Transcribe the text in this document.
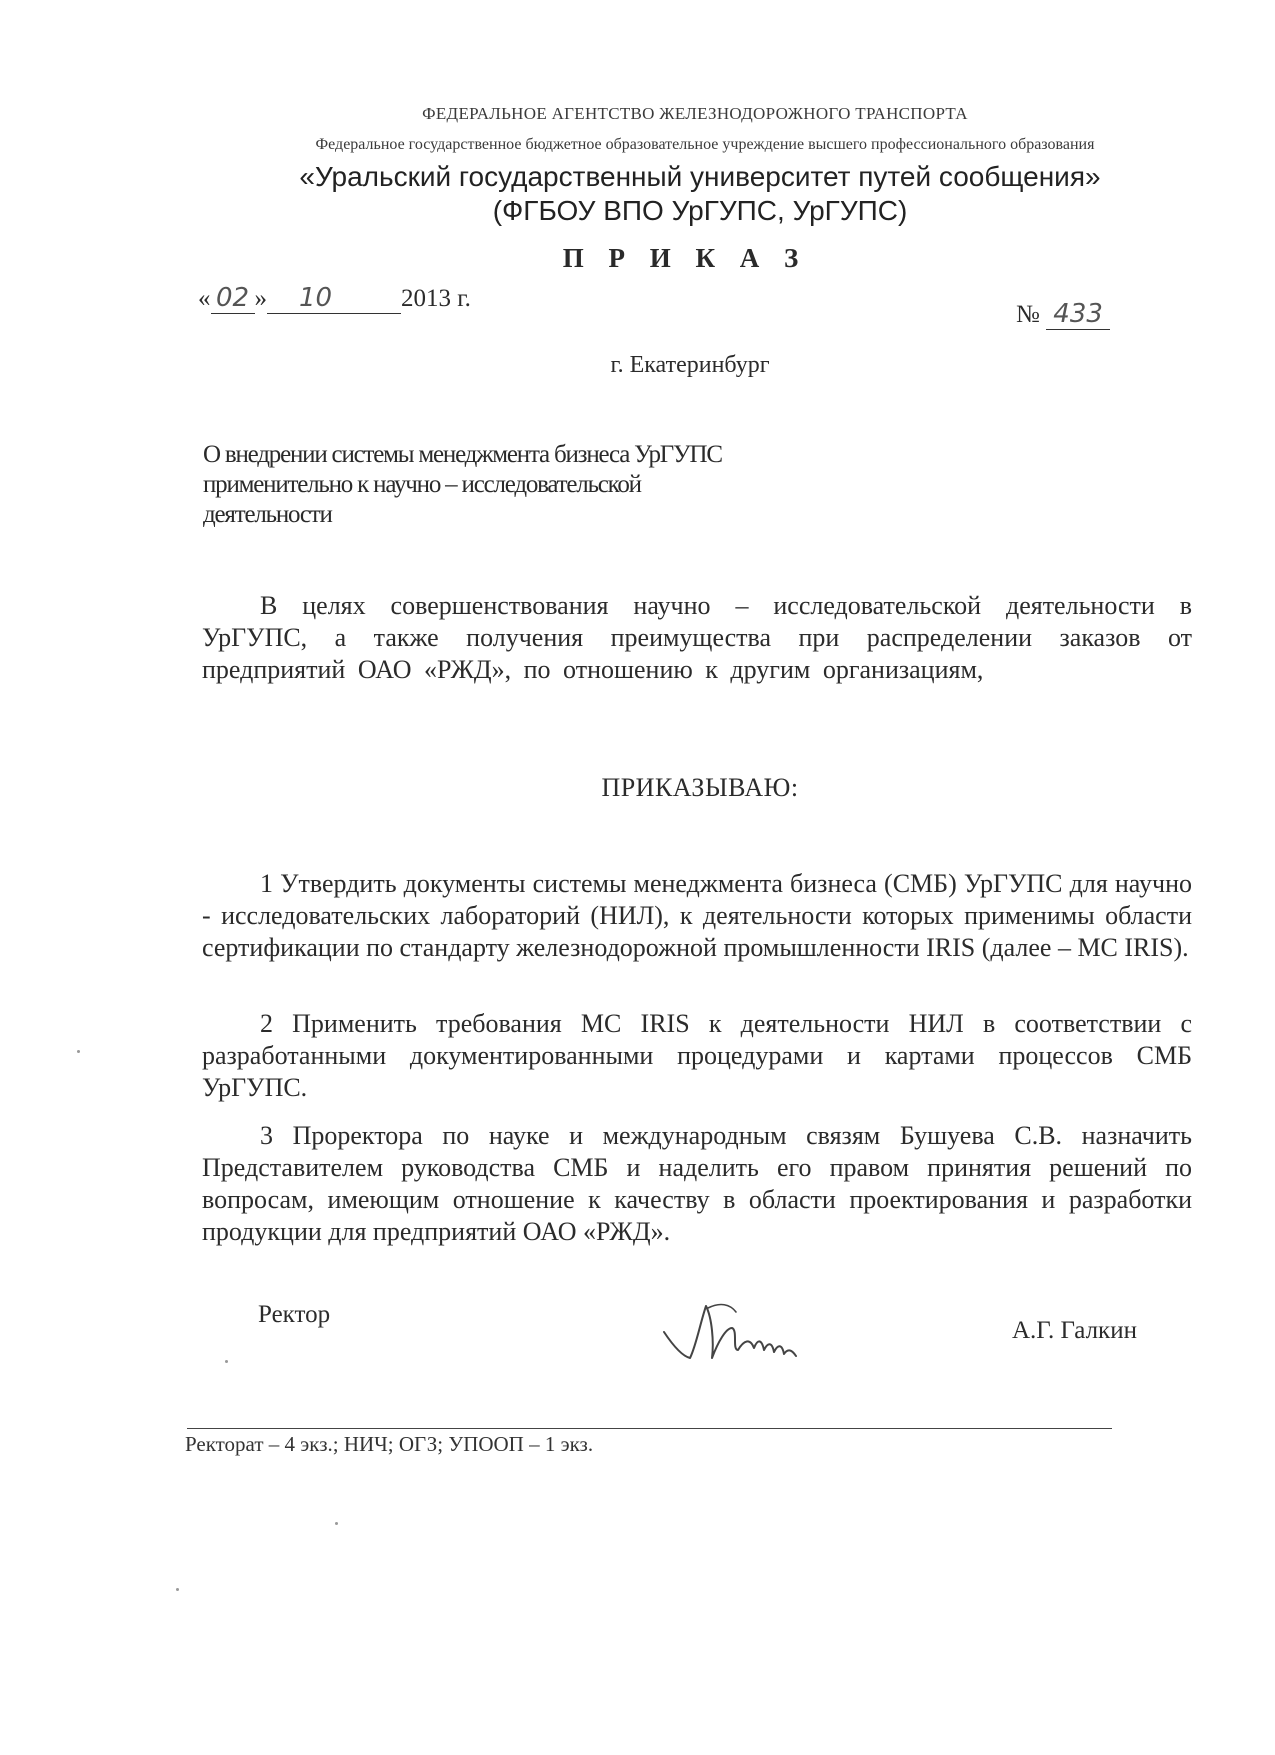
ФЕДЕРАЛЬНОЕ АГЕНТСТВО ЖЕЛЕЗНОДОРОЖНОГО ТРАНСПОРТА
Федеральное государственное бюджетное образовательное учреждение высшего профессионального образования
«Уральский государственный университет путей сообщения»
(ФГБОУ ВПО УрГУПС, УрГУПС)
П Р И К А З
« 02 » 10	2013 г.
№ 433
г. Екатеринбург
О внедрении системы менеджмента бизнеса УрГУПС
применительно к научно – исследовательской
деятельности
В целях совершенствования научно – исследовательской деятельности в УрГУПС, а также получения преимущества при распределении заказов от предприятий ОАО «РЖД», по отношению к другим организациям,
ПРИКАЗЫВАЮ:
1 Утвердить документы системы менеджмента бизнеса (СМБ) УрГУПС для научно - исследовательских лабораторий (НИЛ), к деятельности которых применимы области сертификации по стандарту железнодорожной промышленности IRIS (далее – МС IRIS).
2 Применить требования МС IRIS к деятельности НИЛ в соответствии с разработанными документированными процедурами и картами процессов СМБ УрГУПС.
3 Проректора по науке и международным связям Бушуева С.В. назначить Представителем руководства СМБ и наделить его правом принятия решений по вопросам, имеющим отношение к качеству в области проектирования и разработки продукции для предприятий ОАО «РЖД».
Ректор
А.Г. Галкин
Ректорат – 4 экз.; НИЧ; ОГЗ; УПООП – 1 экз.
